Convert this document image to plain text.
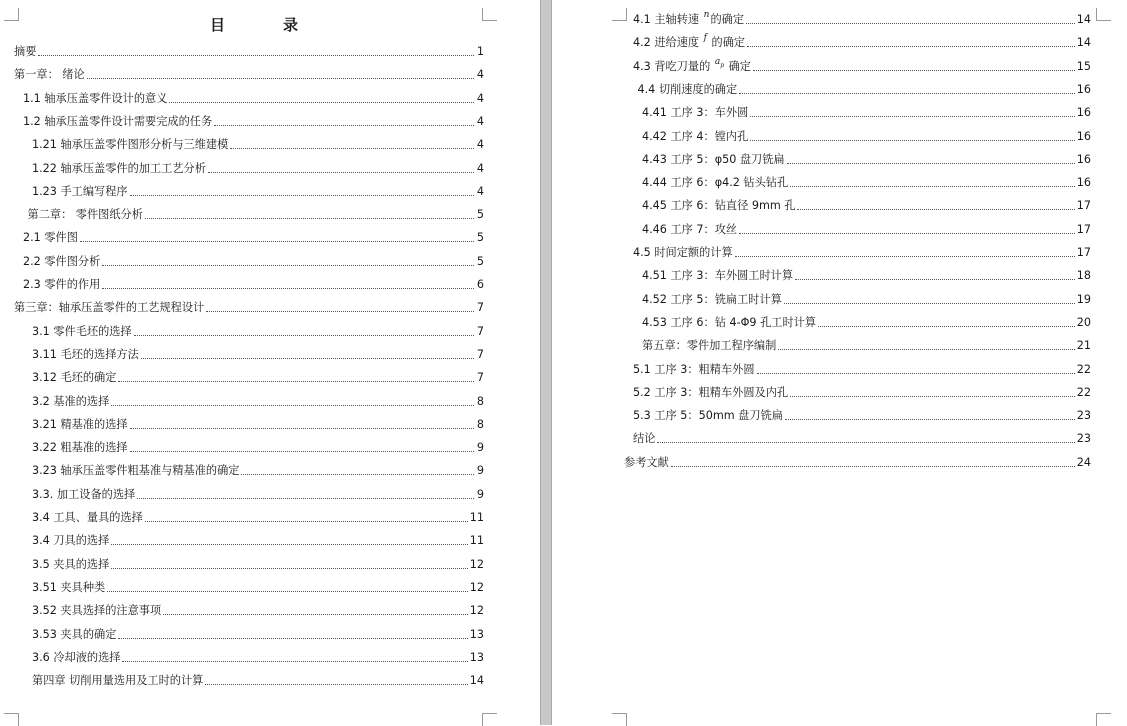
目	录
摘要	1
第一章： 绪论	4
1.1 轴承压盖零件设计的意义	4
1.2 轴承压盖零件设计需要完成的任务	4
1.21 轴承压盖零件图形分析与三维建模	4
1.22 轴承压盖零件的加工工艺分析	4
1.23 手工编写程序	4
第二章： 零件图纸分析	5
2.1 零件图	5
2.2 零件图分析	5
2.3 零件的作用	6
第三章：轴承压盖零件的工艺规程设计	7
3.1 零件毛坯的选择	7
3.11 毛坯的选择方法	7
3.12 毛坯的确定	7
3.2 基准的选择	8
3.21 精基准的选择	8
3.22 粗基准的选择	9
3.23 轴承压盖零件粗基准与精基准的确定	9
3.3. 加工设备的选择	9
3.4 工具、量具的选择	11
3.4 刀具的选择	11
3.5 夹具的选择	12
3.51 夹具种类	12
3.52 夹具选择的注意事项	12
3.53 夹具的确定	13
3.6 冷却液的选择	13
第四章 切削用量选用及工时的计算	14
4.1 主轴转速 $^n$的确定	14
4.2 进给速度 $^f$ 的确定	14
4.3 背吃刀量的 $^{a_p}$ 确定	15
4.4 切削速度的确定	16
4.41 工序 3：车外圆	16
4.42 工序 4：镗内孔	16
4.43 工序 5：φ50 盘刀铣扁	16
4.44 工序 6：φ4.2 钻头钻孔	16
4.45 工序 6：钻直径 9mm 孔	17
4.46 工序 7：攻丝	17
4.5 时间定额的计算	17
4.51 工序 3：车外圆工时计算	18
4.52 工序 5：铣扁工时计算	19
4.53 工序 6：钻 4-Φ9 孔工时计算	20
第五章：零件加工程序编制	21
5.1 工序 3：粗精车外圆	22
5.2 工序 3：粗精车外圆及内孔	22
5.3 工序 5：50mm 盘刀铣扁	23
结论	23
参考文献	24
